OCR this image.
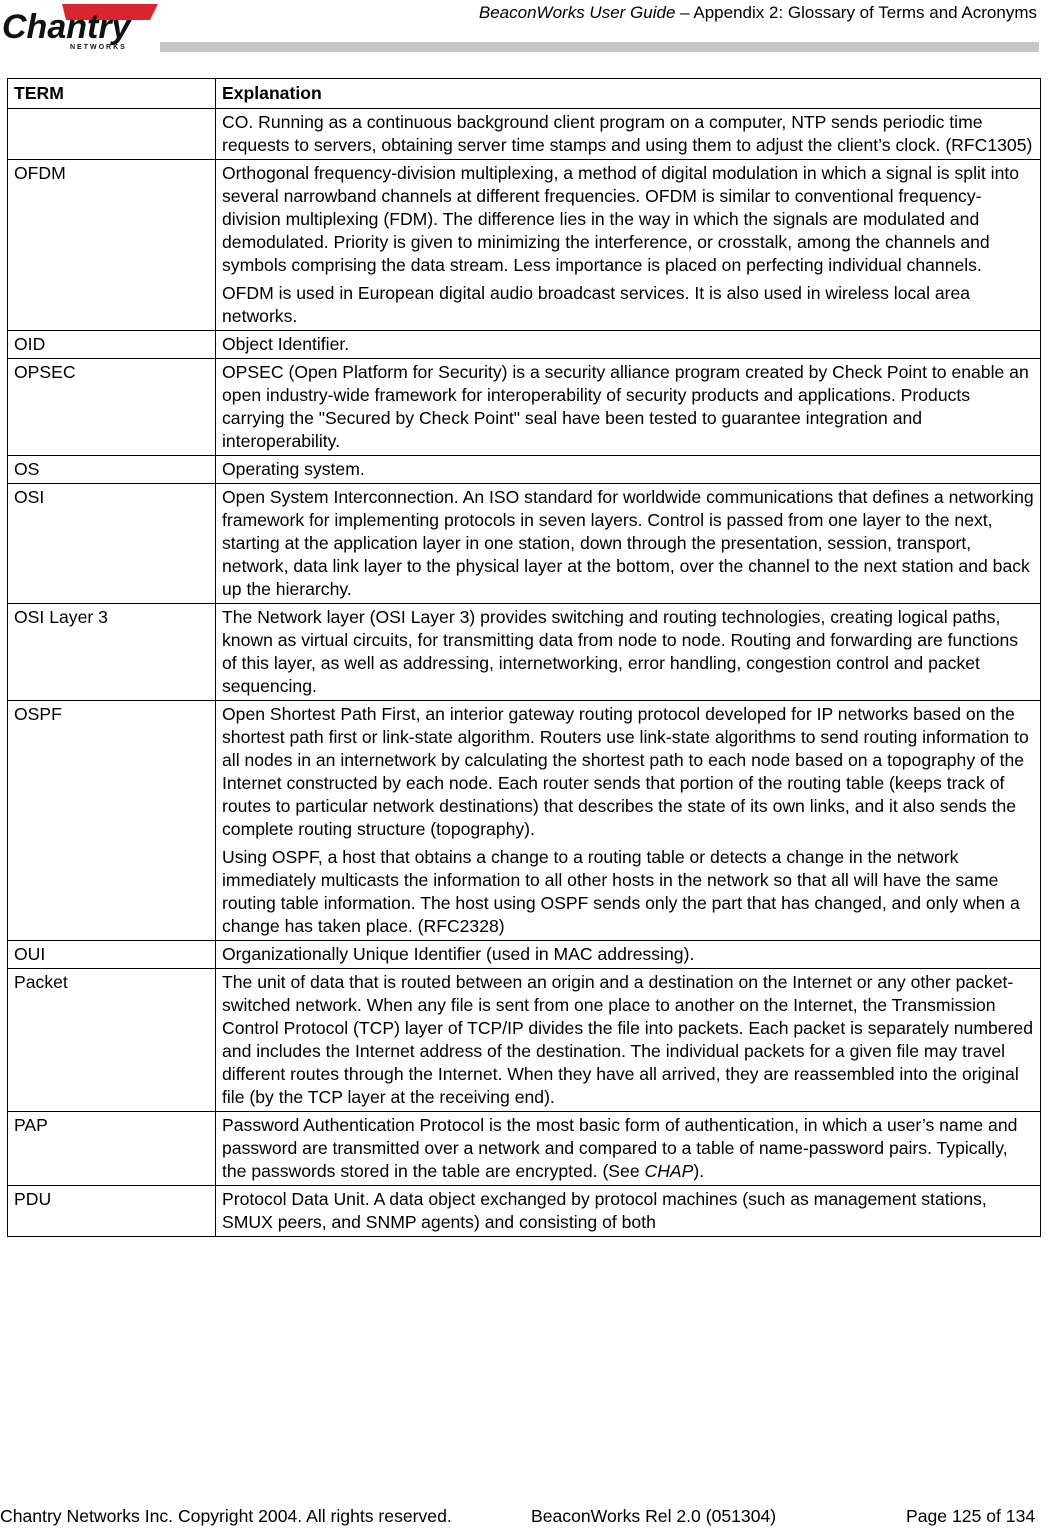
Chantry
NETWORKS
BeaconWorks User Guide – Appendix 2: Glossary of Terms and Acronyms
TERM	Explanation

	CO. Running as a continuous background client program on a computer, NTP sends periodic time requests to servers, obtaining server time stamps and using them to adjust the client’s clock. (RFC1305)

OFDM	Orthogonal frequency-division multiplexing, a method of digital modulation in which a signal is split into several narrowband channels at different frequencies. OFDM is similar to conventional frequency-division multiplexing (FDM). The difference lies in the way in which the signals are modulated and demodulated. Priority is given to minimizing the interference, or crosstalk, among the channels and symbols comprising the data stream. Less importance is placed on perfecting individual channels.

OFDM is used in European digital audio broadcast services. It is also used in wireless local area networks.

OID	Object Identifier.

OPSEC	OPSEC (Open Platform for Security) is a security alliance program created by Check Point to enable an open industry-wide framework for interoperability of security products and applications. Products carrying the "Secured by Check Point" seal have been tested to guarantee integration and interoperability.

OS	Operating system.

OSI	Open System Interconnection. An ISO standard for worldwide communications that defines a networking framework for implementing protocols in seven layers. Control is passed from one layer to the next, starting at the application layer in one station, down through the presentation, session, transport, network, data link layer to the physical layer at the bottom, over the channel to the next station and back up the hierarchy.

OSI Layer 3	The Network layer (OSI Layer 3) provides switching and routing technologies, creating logical paths, known as virtual circuits, for transmitting data from node to node. Routing and forwarding are functions of this layer, as well as addressing, internetworking, error handling, congestion control and packet sequencing.

OSPF	Open Shortest Path First, an interior gateway routing protocol developed for IP networks based on the shortest path first or link-state algorithm. Routers use link-state algorithms to send routing information to all nodes in an internetwork by calculating the shortest path to each node based on a topography of the Internet constructed by each node. Each router sends that portion of the routing table (keeps track of routes to particular network destinations) that describes the state of its own links, and it also sends the complete routing structure (topography).

Using OSPF, a host that obtains a change to a routing table or detects a change in the network immediately multicasts the information to all other hosts in the network so that all will have the same routing table information. The host using OSPF sends only the part that has changed, and only when a change has taken place. (RFC2328)

OUI	Organizationally Unique Identifier (used in MAC addressing).

Packet	The unit of data that is routed between an origin and a destination on the Internet or any other packet-switched network. When any file is sent from one place to another on the Internet, the Transmission Control Protocol (TCP) layer of TCP/IP divides the file into packets. Each packet is separately numbered and includes the Internet address of the destination. The individual packets for a given file may travel different routes through the Internet. When they have all arrived, they are reassembled into the original file (by the TCP layer at the receiving end).

PAP	Password Authentication Protocol is the most basic form of authentication, in which a user’s name and password are transmitted over a network and compared to a table of name-password pairs. Typically, the passwords stored in the table are encrypted. (See CHAP).

PDU	Protocol Data Unit. A data object exchanged by protocol machines (such as management stations, SMUX peers, and SNMP agents) and consisting of both

Chantry Networks Inc. Copyright 2004. All rights reserved.	BeaconWorks Rel 2.0 (051304)	Page 125 of 134
